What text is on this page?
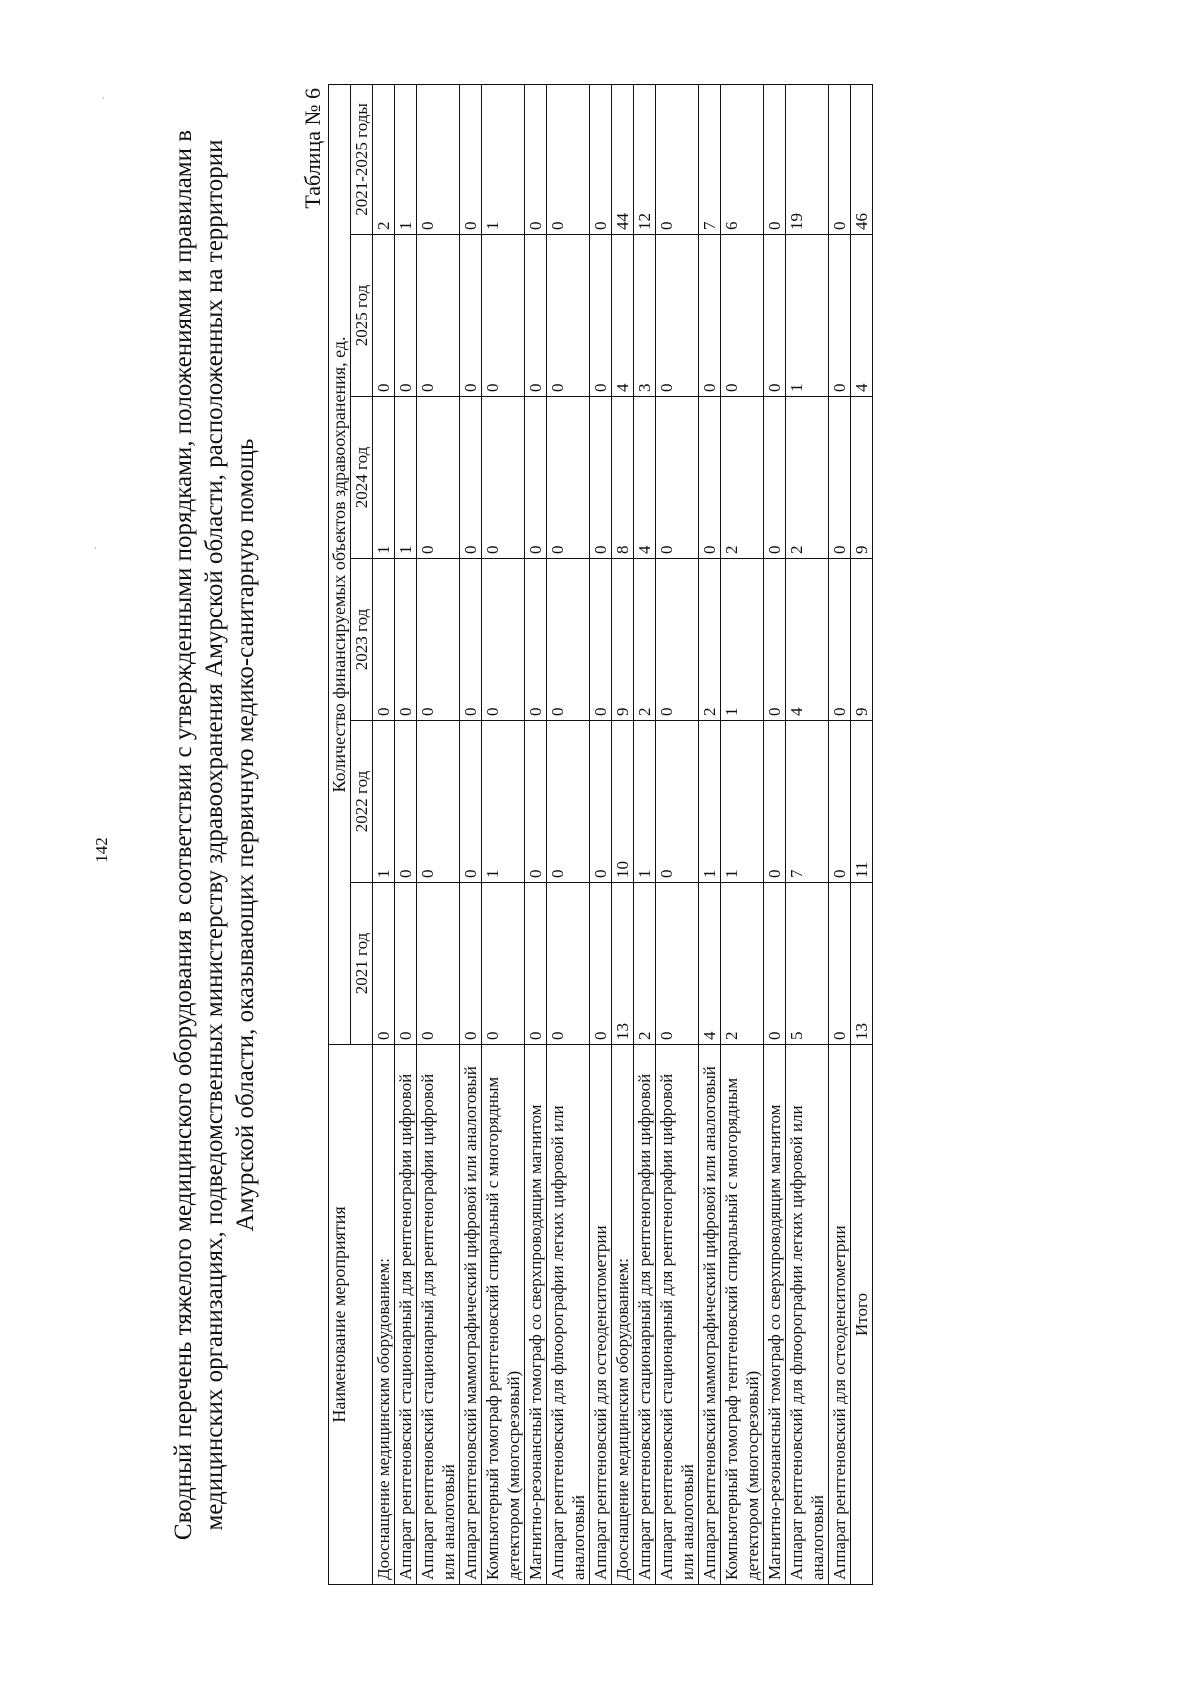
·
·
142 Сводный перечень тяжелого медицинского оборудования в соответствии с утвержденными порядками, положениями и правилами в медицинских организациях, подведомственных министерству здравоохранения Амурской области, расположенных на территории Амурской области, оказывающих первичную медико-санитарную помощь
Таблица № 6
Наименование мероприятия	Количество финансируемых объектов здравоохранения, ед.					
	2021 год	2022 год	2023 год	2024 год	2025 год	2021-2025 годы
Дооснащение медицинским оборудованием:	0	1	0	1	0	2
Аппарат рентгеновский стационарный для рентгенографии цифровой	0	0	0	1	0	1
Аппарат рентгеновский стационарный для рентгенографии цифровой или аналоговый	0	0	0	0	0	0
Аппарат рентгеновский маммографический цифровой или аналоговый	0	0	0	0	0	0
Компьютерный томограф рентгеновский спиральный с многорядным детектором (многосрезовый)	0	1	0	0	0	1
Магнитно-резонансный томограф со сверхпроводящим магнитом	0	0	0	0	0	0
Аппарат рентгеновский для флюорографии легких цифровой или аналоговый	0	0	0	0	0	0
Аппарат рентгеновский для остеоденситометрии	0	0	0	0	0	0
Дооснащение медицинским оборудованием:	13	10	9	8	4	44
Аппарат рентгеновский стационарный для рентгенографии цифровой	2	1	2	4	3	12
Аппарат рентгеновский стационарный для рентгенографии цифровой или аналоговый	0	0	0	0	0	0
Аппарат рентгеновский маммографический цифровой или аналоговый	4	1	2	0	0	7
Компьютерный томограф тентгеновский спиральный с многорядным детектором (многосрезовый)	2	1	1	2	0	6
Магнитно-резонансный томограф со сверхпроводящим магнитом	0	0	0	0	0	0
Аппарат рентгеновский для флюорографии легких цифровой или аналоговый	5	7	4	2	1	19
Аппарат рентгеновский для остеоденситометрии	0	0	0	0	0	0
Итого	13	11	9	9	4	46
